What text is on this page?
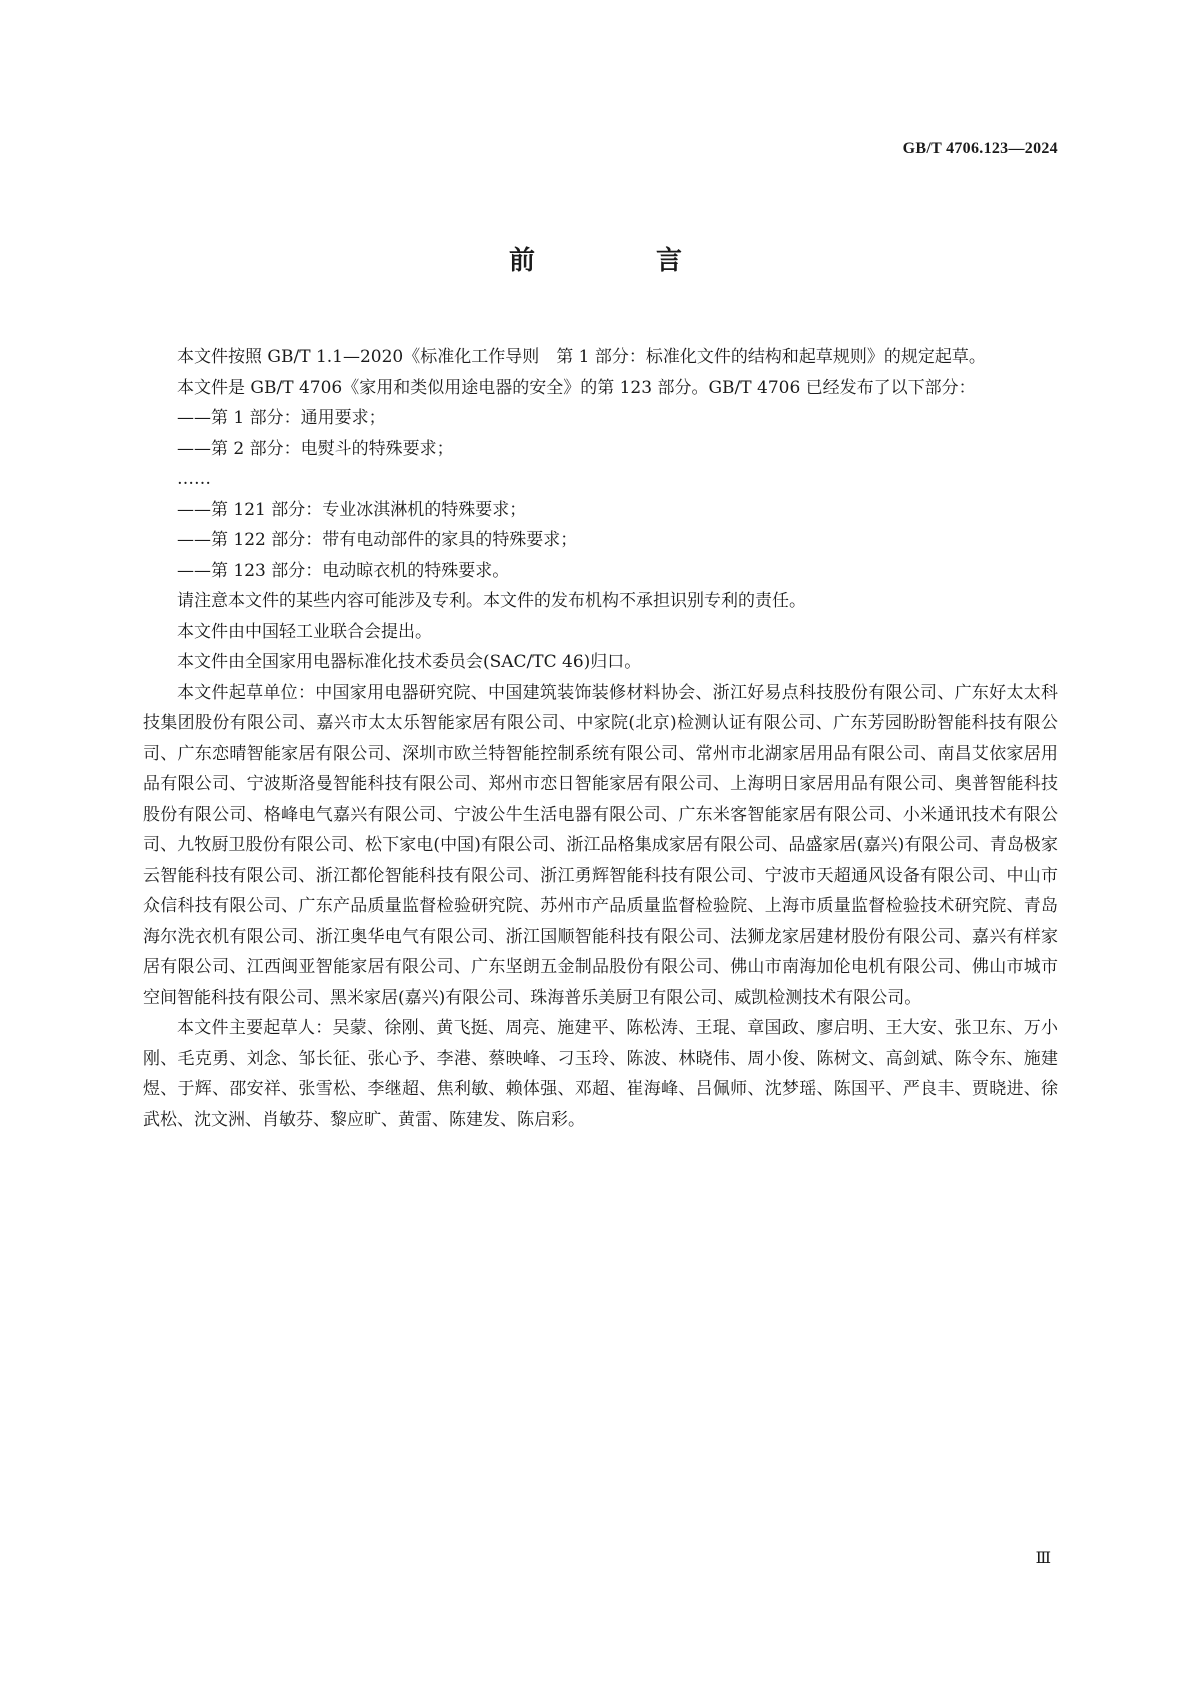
GB/T 4706.123—2024
前 言

本文件按照 GB/T 1.1—2020《标准化工作导则　第 1 部分：标准化文件的结构和起草规则》的规定起草。

本文件是 GB/T 4706《家用和类似用途电器的安全》的第 123 部分。GB/T 4706 已经发布了以下部分：

——第 1 部分：通用要求；
——第 2 部分：电熨斗的特殊要求；

……

——第 121 部分：专业冰淇淋机的特殊要求；
——第 122 部分：带有电动部件的家具的特殊要求；
——第 123 部分：电动晾衣机的特殊要求。

请注意本文件的某些内容可能涉及专利。本文件的发布机构不承担识别专利的责任。

本文件由中国轻工业联合会提出。

本文件由全国家用电器标准化技术委员会(SAC/TC 46)归口。

本文件起草单位：中国家用电器研究院、中国建筑装饰装修材料协会、浙江好易点科技股份有限公司、广东好太太科技集团股份有限公司、嘉兴市太太乐智能家居有限公司、中家院(北京)检测认证有限公司、广东芳园盼盼智能科技有限公司、广东恋晴智能家居有限公司、深圳市欧兰特智能控制系统有限公司、常州市北湖家居用品有限公司、南昌艾依家居用品有限公司、宁波斯洛曼智能科技有限公司、郑州市恋日智能家居有限公司、上海明日家居用品有限公司、奥普智能科技股份有限公司、格峰电气嘉兴有限公司、宁波公牛生活电器有限公司、广东米客智能家居有限公司、小米通讯技术有限公司、九牧厨卫股份有限公司、松下家电(中国)有限公司、浙江品格集成家居有限公司、品盛家居(嘉兴)有限公司、青岛极家云智能科技有限公司、浙江都伦智能科技有限公司、浙江勇辉智能科技有限公司、宁波市天超通风设备有限公司、中山市众信科技有限公司、广东产品质量监督检验研究院、苏州市产品质量监督检验院、上海市质量监督检验技术研究院、青岛海尔洗衣机有限公司、浙江奥华电气有限公司、浙江国顺智能科技有限公司、法狮龙家居建材股份有限公司、嘉兴有样家居有限公司、江西闽亚智能家居有限公司、广东坚朗五金制品股份有限公司、佛山市南海加伦电机有限公司、佛山市城市空间智能科技有限公司、黑米家居(嘉兴)有限公司、珠海普乐美厨卫有限公司、威凯检测技术有限公司。

本文件主要起草人：吴蒙、徐刚、黄飞挺、周亮、施建平、陈松涛、王琨、章国政、廖启明、王大安、张卫东、万小刚、毛克勇、刘念、邹长征、张心予、李港、蔡映峰、刁玉玲、陈波、林晓伟、周小俊、陈树文、高剑斌、陈令东、施建煜、于辉、邵安祥、张雪松、李继超、焦利敏、赖体强、邓超、崔海峰、吕佩师、沈梦瑶、陈国平、严良丰、贾晓进、徐武松、沈文洲、肖敏芬、黎应旷、黄雷、陈建发、陈启彩。

Ⅲ
